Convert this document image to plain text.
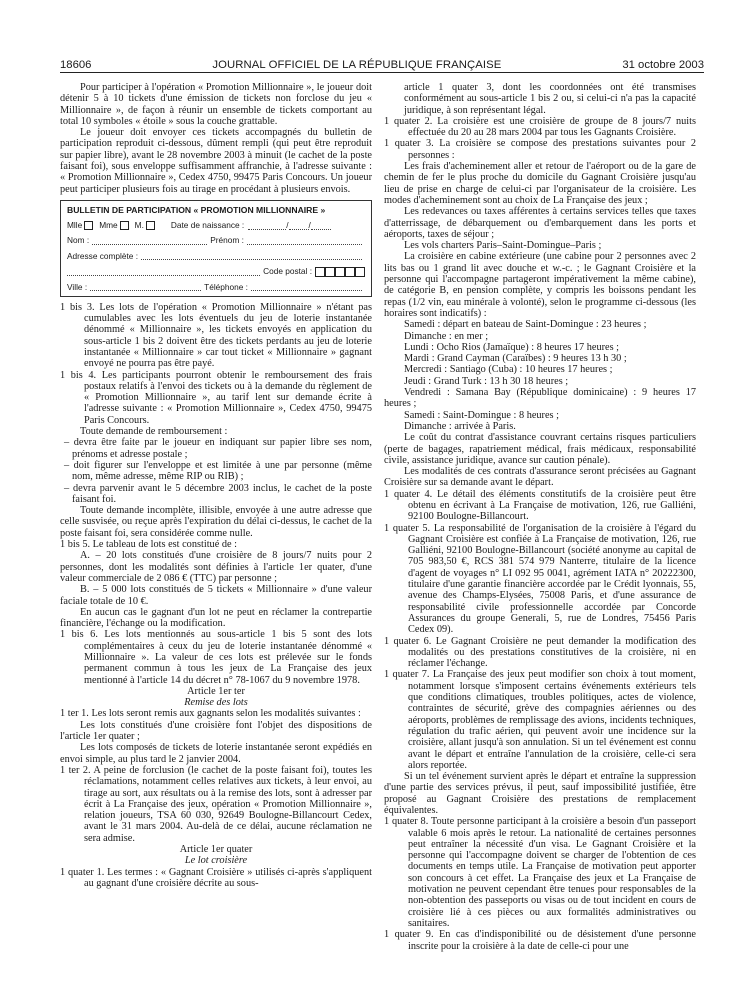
18606	JOURNAL OFFICIEL DE LA RÉPUBLIQUE FRANÇAISE	31 octobre 2003

Pour participer à l'opération « Promotion Millionnaire », le joueur doit détenir 5 à 10 tickets d'une émission de tickets non forclose du jeu « Millionnaire », de façon à réunir un ensemble de tickets comportant au total 10 symboles « étoile » sous la couche grattable.

Le joueur doit envoyer ces tickets accompagnés du bulletin de participation reproduit ci-dessous, dûment rempli (qui peut être reproduit sur papier libre), avant le 28 novembre 2003 à minuit (le cachet de la poste faisant foi), sous enveloppe suffisamment affranchie, à l'adresse suivante : « Promotion Millionnaire », Cedex 4750, 99475 Paris Concours. Un joueur peut participer plusieurs fois au tirage en procédant à plusieurs envois.

BULLETIN DE PARTICIPATION « PROMOTION MILLIONNAIRE »
Mlle Mme M.	Date de naissance :	/ /
Nom :	Prénom :
Adresse complète :
Code postal :
Ville :	Téléphone :

1 bis 3. Les lots de l'opération « Promotion Millionnaire » n'étant pas cumulables avec les lots éventuels du jeu de loterie instantanée dénommé « Millionnaire », les tickets envoyés en application du sous-article 1 bis 2 doivent être des tickets perdants au jeu de loterie instantanée « Millionnaire » car tout ticket « Millionnaire » gagnant envoyé ne pourra pas être payé.

1 bis 4. Les participants pourront obtenir le remboursement des frais postaux relatifs à l'envoi des tickets ou à la demande du règlement de « Promotion Millionnaire », au tarif lent sur demande écrite à l'adresse suivante : « Promotion Millionnaire », Cedex 4750, 99475 Paris Concours.

Toute demande de remboursement :

– devra être faite par le joueur en indiquant sur papier libre ses nom, prénoms et adresse postale ;

– doit figurer sur l'enveloppe et est limitée à une par personne (même nom, même adresse, même RIP ou RIB) ;

– devra parvenir avant le 5 décembre 2003 inclus, le cachet de la poste faisant foi.

Toute demande incomplète, illisible, envoyée à une autre adresse que celle susvisée, ou reçue après l'expiration du délai ci-dessus, le cachet de la poste faisant foi, sera considérée comme nulle.

1 bis 5. Le tableau de lots est constitué de :

A. – 20 lots constitués d'une croisière de 8 jours/7 nuits pour 2 personnes, dont les modalités sont définies à l'article 1er quater, d'une valeur commerciale de 2 086 € (TTC) par personne ;

B. – 5 000 lots constitués de 5 tickets « Millionnaire » d'une valeur faciale totale de 10 €.

En aucun cas le gagnant d'un lot ne peut en réclamer la contrepartie financière, l'échange ou la modification.

1 bis 6. Les lots mentionnés au sous-article 1 bis 5 sont des lots complémentaires à ceux du jeu de loterie instantanée dénommé « Millionnaire ». La valeur de ces lots est prélevée sur le fonds permanent commun à tous les jeux de La Française des jeux mentionné à l'article 14 du décret n° 78-1067 du 9 novembre 1978.

Article 1er ter

Remise des lots

1 ter 1. Les lots seront remis aux gagnants selon les modalités suivantes :

Les lots constitués d'une croisière font l'objet des dispositions de l'article 1er quater ;

Les lots composés de tickets de loterie instantanée seront expédiés en envoi simple, au plus tard le 2 janvier 2004.

1 ter 2. A peine de forclusion (le cachet de la poste faisant foi), toutes les réclamations, notamment celles relatives aux tickets, à leur envoi, au tirage au sort, aux résultats ou à la remise des lots, sont à adresser par écrit à La Française des jeux, opération « Promotion Millionnaire », relation joueurs, TSA 60 030, 92649 Boulogne-Billancourt Cedex, avant le 31 mars 2004. Au-delà de ce délai, aucune réclamation ne sera admise.

Article 1er quater

Le lot croisière

1 quater 1. Les termes : « Gagnant Croisière » utilisés ci-après s'appliquent au gagnant d'une croisière décrite au sous-

article 1 quater 3, dont les coordonnées ont été transmises conformément au sous-article 1 bis 2 ou, si celui-ci n'a pas la capacité juridique, à son représentant légal.

1 quater 2. La croisière est une croisière de groupe de 8 jours/7 nuits effectuée du 20 au 28 mars 2004 par tous les Gagnants Croisière.

1 quater 3. La croisière se compose des prestations suivantes pour 2 personnes :

Les frais d'acheminement aller et retour de l'aéroport ou de la gare de chemin de fer le plus proche du domicile du Gagnant Croisière jusqu'au lieu de prise en charge de celui-ci par l'organisateur de la croisière. Les modes d'acheminement sont au choix de La Française des jeux ;

Les redevances ou taxes afférentes à certains services telles que taxes d'atterrissage, de débarquement ou d'embarquement dans les ports et aéroports, taxes de séjour ;

Les vols charters Paris–Saint-Domingue–Paris ;

La croisière en cabine extérieure (une cabine pour 2 personnes avec 2 lits bas ou 1 grand lit avec douche et w.-c. ; le Gagnant Croisière et la personne qui l'accompagne partageront impérativement la même cabine), de catégorie B, en pension complète, y compris les boissons pendant les repas (1/2 vin, eau minérale à volonté), selon le programme ci-dessous (les horaires sont indicatifs) :

Samedi : départ en bateau de Saint-Domingue : 23 heures ;

Dimanche : en mer ;

Lundi : Ocho Rios (Jamaïque) : 8 heures 17 heures ;

Mardi : Grand Cayman (Caraïbes) : 9 heures 13 h 30 ;

Mercredi : Santiago (Cuba) : 10 heures 17 heures ;

Jeudi : Grand Turk : 13 h 30 18 heures ;

Vendredi : Samana Bay (République dominicaine) : 9 heures 17 heures ;

Samedi : Saint-Domingue : 8 heures ;

Dimanche : arrivée à Paris.

Le coût du contrat d'assistance couvrant certains risques particuliers (perte de bagages, rapatriement médical, frais médicaux, responsabilité civile, assistance juridique, avance sur caution pénale).

Les modalités de ces contrats d'assurance seront précisées au Gagnant Croisière sur sa demande avant le départ.

1 quater 4. Le détail des éléments constitutifs de la croisière peut être obtenu en écrivant à La Française de motivation, 126, rue Galliéni, 92100 Boulogne-Billancourt.

1 quater 5. La responsabilité de l'organisation de la croisière à l'égard du Gagnant Croisière est confiée à La Française de motivation, 126, rue Galliéni, 92100 Boulogne-Billancourt (société anonyme au capital de 705 983,50 €, RCS 381 574 979 Nanterre, titulaire de la licence d'agent de voyages n° LI 092 95 0041, agrément IATA n° 20222300, titulaire d'une garantie financière accordée par le Crédit lyonnais, 55, avenue des Champs-Elysées, 75008 Paris, et d'une assurance de responsabilité civile professionnelle accordée par Concorde Assurances du groupe Generali, 5, rue de Londres, 75456 Paris Cedex 09).

1 quater 6. Le Gagnant Croisière ne peut demander la modification des modalités ou des prestations constitutives de la croisière, ni en réclamer l'échange.

1 quater 7. La Française des jeux peut modifier son choix à tout moment, notamment lorsque s'imposent certains événements extérieurs tels que conditions climatiques, troubles politiques, actes de violence, contraintes de sécurité, grève des compagnies aériennes ou des aéroports, problèmes de remplissage des avions, incidents techniques, régulation du trafic aérien, qui peuvent avoir une incidence sur la croisière, allant jusqu'à son annulation. Si un tel événement est connu avant le départ et entraîne l'annulation de la croisière, celle-ci sera alors reportée.

Si un tel événement survient après le départ et entraîne la suppression d'une partie des services prévus, il peut, sauf impossibilité justifiée, être proposé au Gagnant Croisière des prestations de remplacement équivalentes.

1 quater 8. Toute personne participant à la croisière a besoin d'un passeport valable 6 mois après le retour. La nationalité de certaines personnes peut entraîner la nécessité d'un visa. Le Gagnant Croisière et la personne qui l'accompagne doivent se charger de l'obtention de ces documents en temps utile. La Française de motivation peut apporter son concours à cet effet. La Française des jeux et La Française de motivation ne peuvent cependant être tenues pour responsables de la non-obtention des passeports ou visas ou de tout incident en cours de croisière lié à ces pièces ou aux formalités administratives ou sanitaires.

1 quater 9. En cas d'indisponibilité ou de désistement d'une personne inscrite pour la croisière à la date de celle-ci pour une
